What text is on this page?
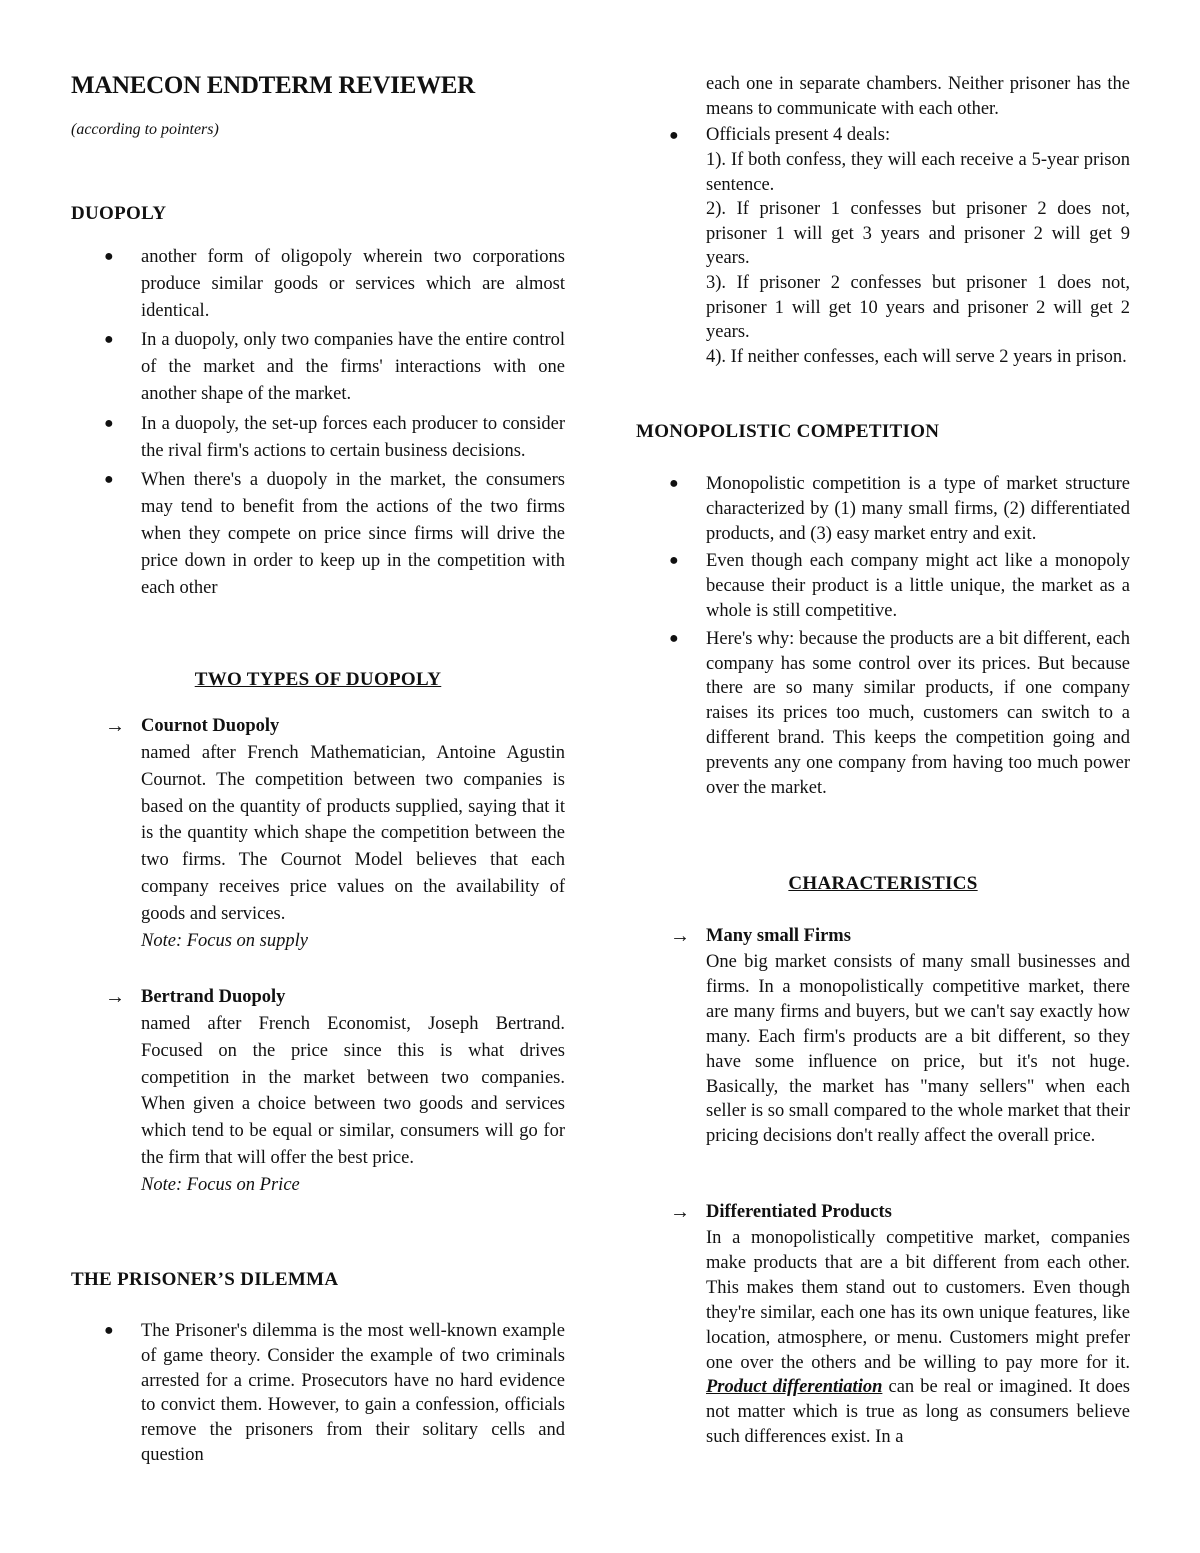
MANECON ENDTERM REVIEWER
(according to pointers)
DUOPOLY
● another form of oligopoly wherein two corporations produce similar goods or services which are almost identical.
● In a duopoly, only two companies have the entire control of the market and the firms' interactions with one another shape of the market.
● In a duopoly, the set-up forces each producer to consider the rival firm's actions to certain business decisions.
● When there's a duopoly in the market, the consumers may tend to benefit from the actions of the two firms when they compete on price since firms will drive the price down in order to keep up in the competition with each other
TWO TYPES OF DUOPOLY
→ Cournot Duopoly
named after French Mathematician, Antoine Agustin Cournot. The competition between two companies is based on the quantity of products supplied, saying that it is the quantity which shape the competition between the two firms. The Cournot Model believes that each company receives price values on the availability of goods and services.
Note: Focus on supply
→ Bertrand Duopoly
named after French Economist, Joseph Bertrand. Focused on the price since this is what drives competition in the market between two companies. When given a choice between two goods and services which tend to be equal or similar, consumers will go for the firm that will offer the best price.
Note: Focus on Price
THE PRISONER’S DILEMMA
● The Prisoner's dilemma is the most well-known example of game theory. Consider the example of two criminals arrested for a crime. Prosecutors have no hard evidence to convict them. However, to gain a confession, officials remove the prisoners from their solitary cells and question
each one in separate chambers. Neither prisoner has the means to communicate with each other.
● Officials present 4 deals:
1). If both confess, they will each receive a 5-year prison sentence.
2). If prisoner 1 confesses but prisoner 2 does not, prisoner 1 will get 3 years and prisoner 2 will get 9 years.
3). If prisoner 2 confesses but prisoner 1 does not, prisoner 1 will get 10 years and prisoner 2 will get 2 years.
4). If neither confesses, each will serve 2 years in prison.
MONOPOLISTIC COMPETITION
● Monopolistic competition is a type of market structure characterized by (1) many small firms, (2) differentiated products, and (3) easy market entry and exit.
● Even though each company might act like a monopoly because their product is a little unique, the market as a whole is still competitive.
● Here's why: because the products are a bit different, each company has some control over its prices. But because there are so many similar products, if one company raises its prices too much, customers can switch to a different brand. This keeps the competition going and prevents any one company from having too much power over the market.
CHARACTERISTICS
→ Many small Firms
One big market consists of many small businesses and firms. In a monopolistically competitive market, there are many firms and buyers, but we can't say exactly how many. Each firm's products are a bit different, so they have some influence on price, but it's not huge. Basically, the market has "many sellers" when each seller is so small compared to the whole market that their pricing decisions don't really affect the overall price.
→ Differentiated Products
In a monopolistically competitive market, companies make products that are a bit different from each other. This makes them stand out to customers. Even though they're similar, each one has its own unique features, like location, atmosphere, or menu. Customers might prefer one over the others and be willing to pay more for it. Product differentiation can be real or imagined. It does not matter which is true as long as consumers believe such differences exist. In a
